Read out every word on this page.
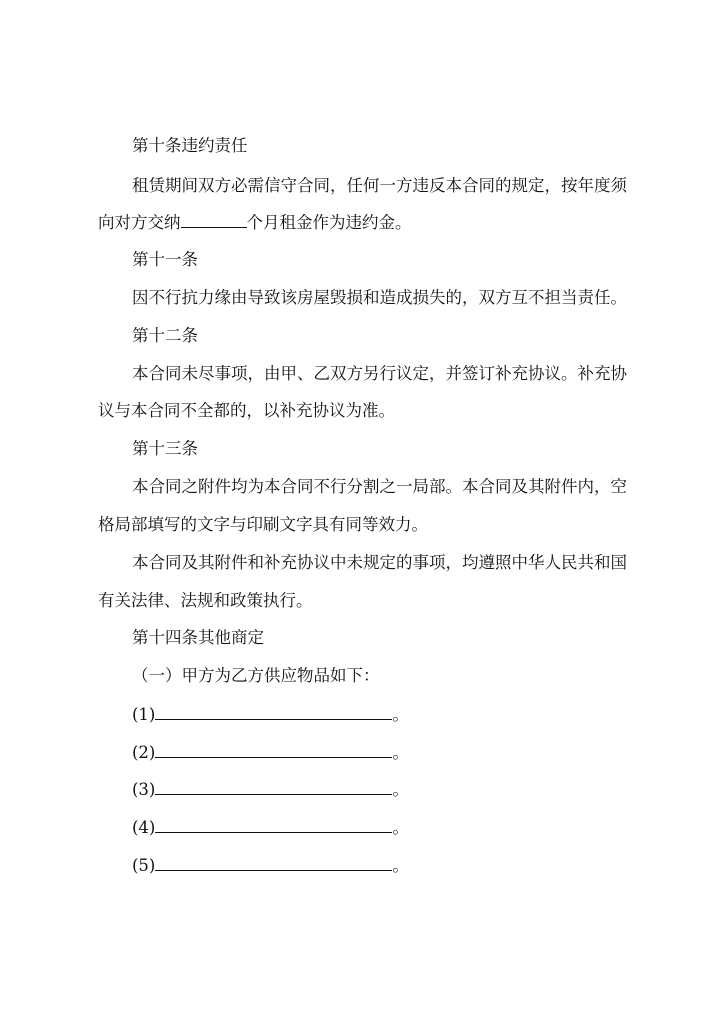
第十条违约责任
租赁期间双方必需信守合同，任何一方违反本合同的规定，按年度须
向对方交纳	个月租金作为违约金。
第十一条
因不行抗力缘由导致该房屋毁损和造成损失的，双方互不担当责任。
第十二条
本合同未尽事项，由甲、乙双方另行议定，并签订补充协议。补充协
议与本合同不全都的，以补充协议为准。
第十三条
本合同之附件均为本合同不行分割之一局部。本合同及其附件内，空
格局部填写的文字与印刷文字具有同等效力。
本合同及其附件和补充协议中未规定的事项，均遵照中华人民共和国
有关法律、法规和政策执行。
第十四条其他商定
（一）甲方为乙方供应物品如下：
(1)	。
(2)	。
(3)	。
(4)	。
(5)	。
